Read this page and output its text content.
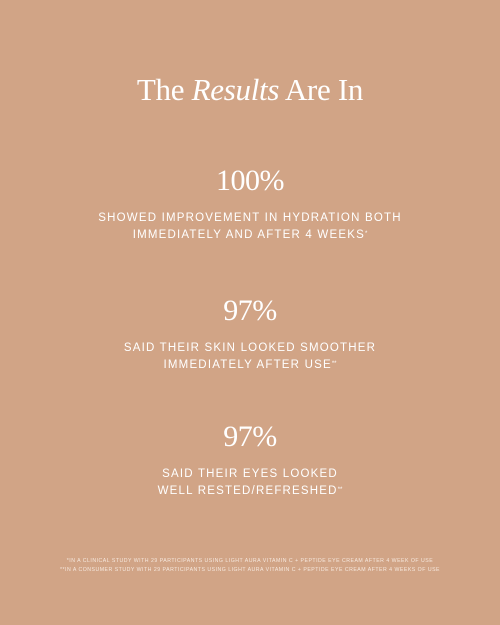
The Results Are In
100%
SHOWED IMPROVEMENT IN HYDRATION BOTH
IMMEDIATELY AND AFTER 4 WEEKS*
97%
SAID THEIR SKIN LOOKED SMOOTHER
IMMEDIATELY AFTER USE**
97%
SAID THEIR EYES LOOKED
WELL RESTED/REFRESHED**
*IN A CLINICAL STUDY WITH 29 PARTICIPANTS USING LIGHT AURA VITAMIN C + PEPTIDE EYE CREAM AFTER 4 WEEK OF USE
**IN A CONSUMER STUDY WITH 29 PARTICIPANTS USING LIGHT AURA VITAMIN C + PEPTIDE EYE CREAM AFTER 4 WEEKS OF USE
